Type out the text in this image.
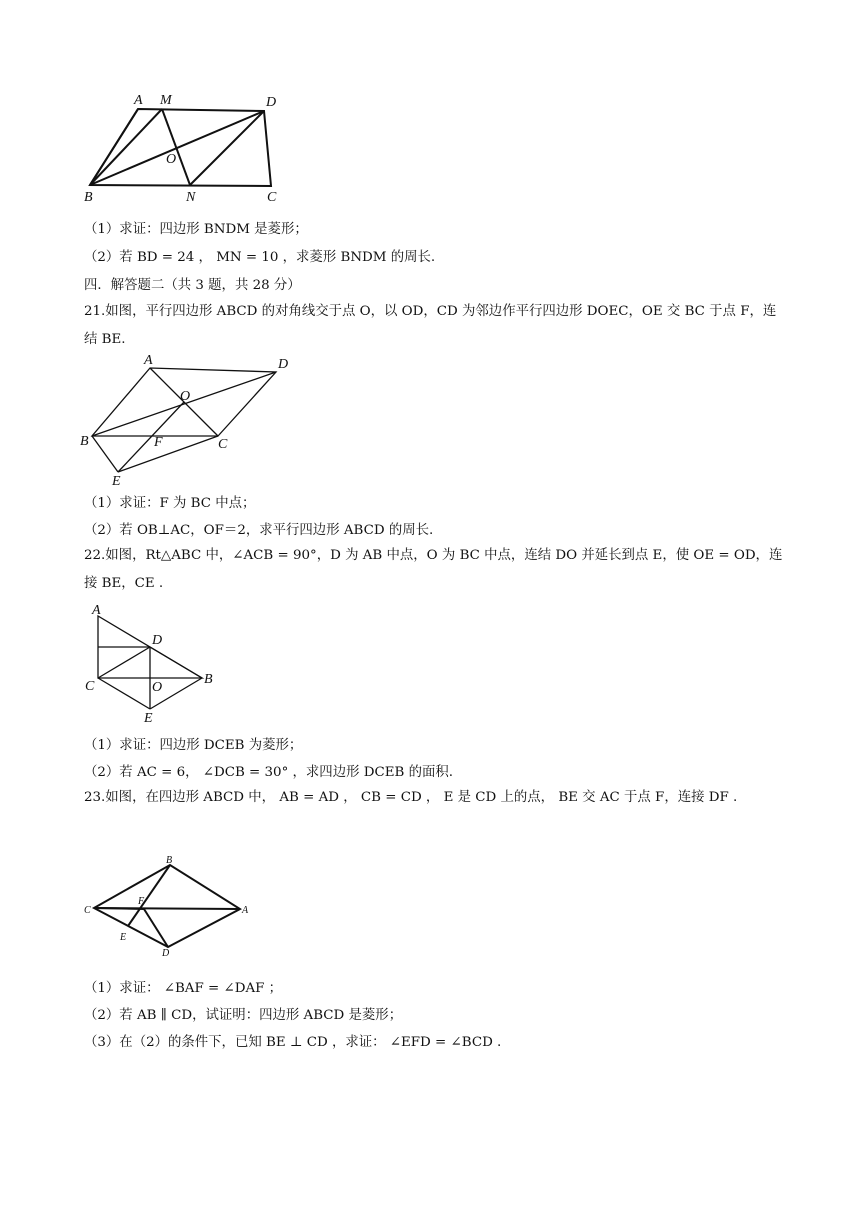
A M	D
O
B	N	C
（1）求证：四边形 BNDM 是菱形；
（2）若 BD = 24 ， MN = 10 ，求菱形 BNDM 的周长.
四．解答题二（共 3 题，共 28 分）
21.如图，平行四边形 ABCD 的对角线交于点 O，以 OD，CD 为邻边作平行四边形 DOEC，OE 交 BC 于点 F，连结 BE.
A	D
O
B	F	C
E
（1）求证：F 为 BC 中点；
（2）若 OB⊥AC，OF＝2，求平行四边形 ABCD 的周长.
22.如图，Rt△ABC 中，∠ACB = 90°，D 为 AB 中点，O 为 BC 中点，连结 DO 并延长到点 E，使 OE = OD，连接 BE，CE .
A
D
C	O
B
E
（1）求证：四边形 DCEB 为菱形；
（2）若 AC = 6， ∠DCB = 30° ，求四边形 DCEB 的面积.
23.如图，在四边形 ABCD 中， AB = AD ， CB = CD ， E 是 CD 上的点， BE 交 AC 于点 F，连接 DF .
B
C
F
A
E
D
（1）求证： ∠BAF = ∠DAF ；
（2）若 AB ∥ CD，试证明：四边形 ABCD 是菱形；
（3）在（2）的条件下，已知 BE ⊥ CD ，求证： ∠EFD = ∠BCD .
